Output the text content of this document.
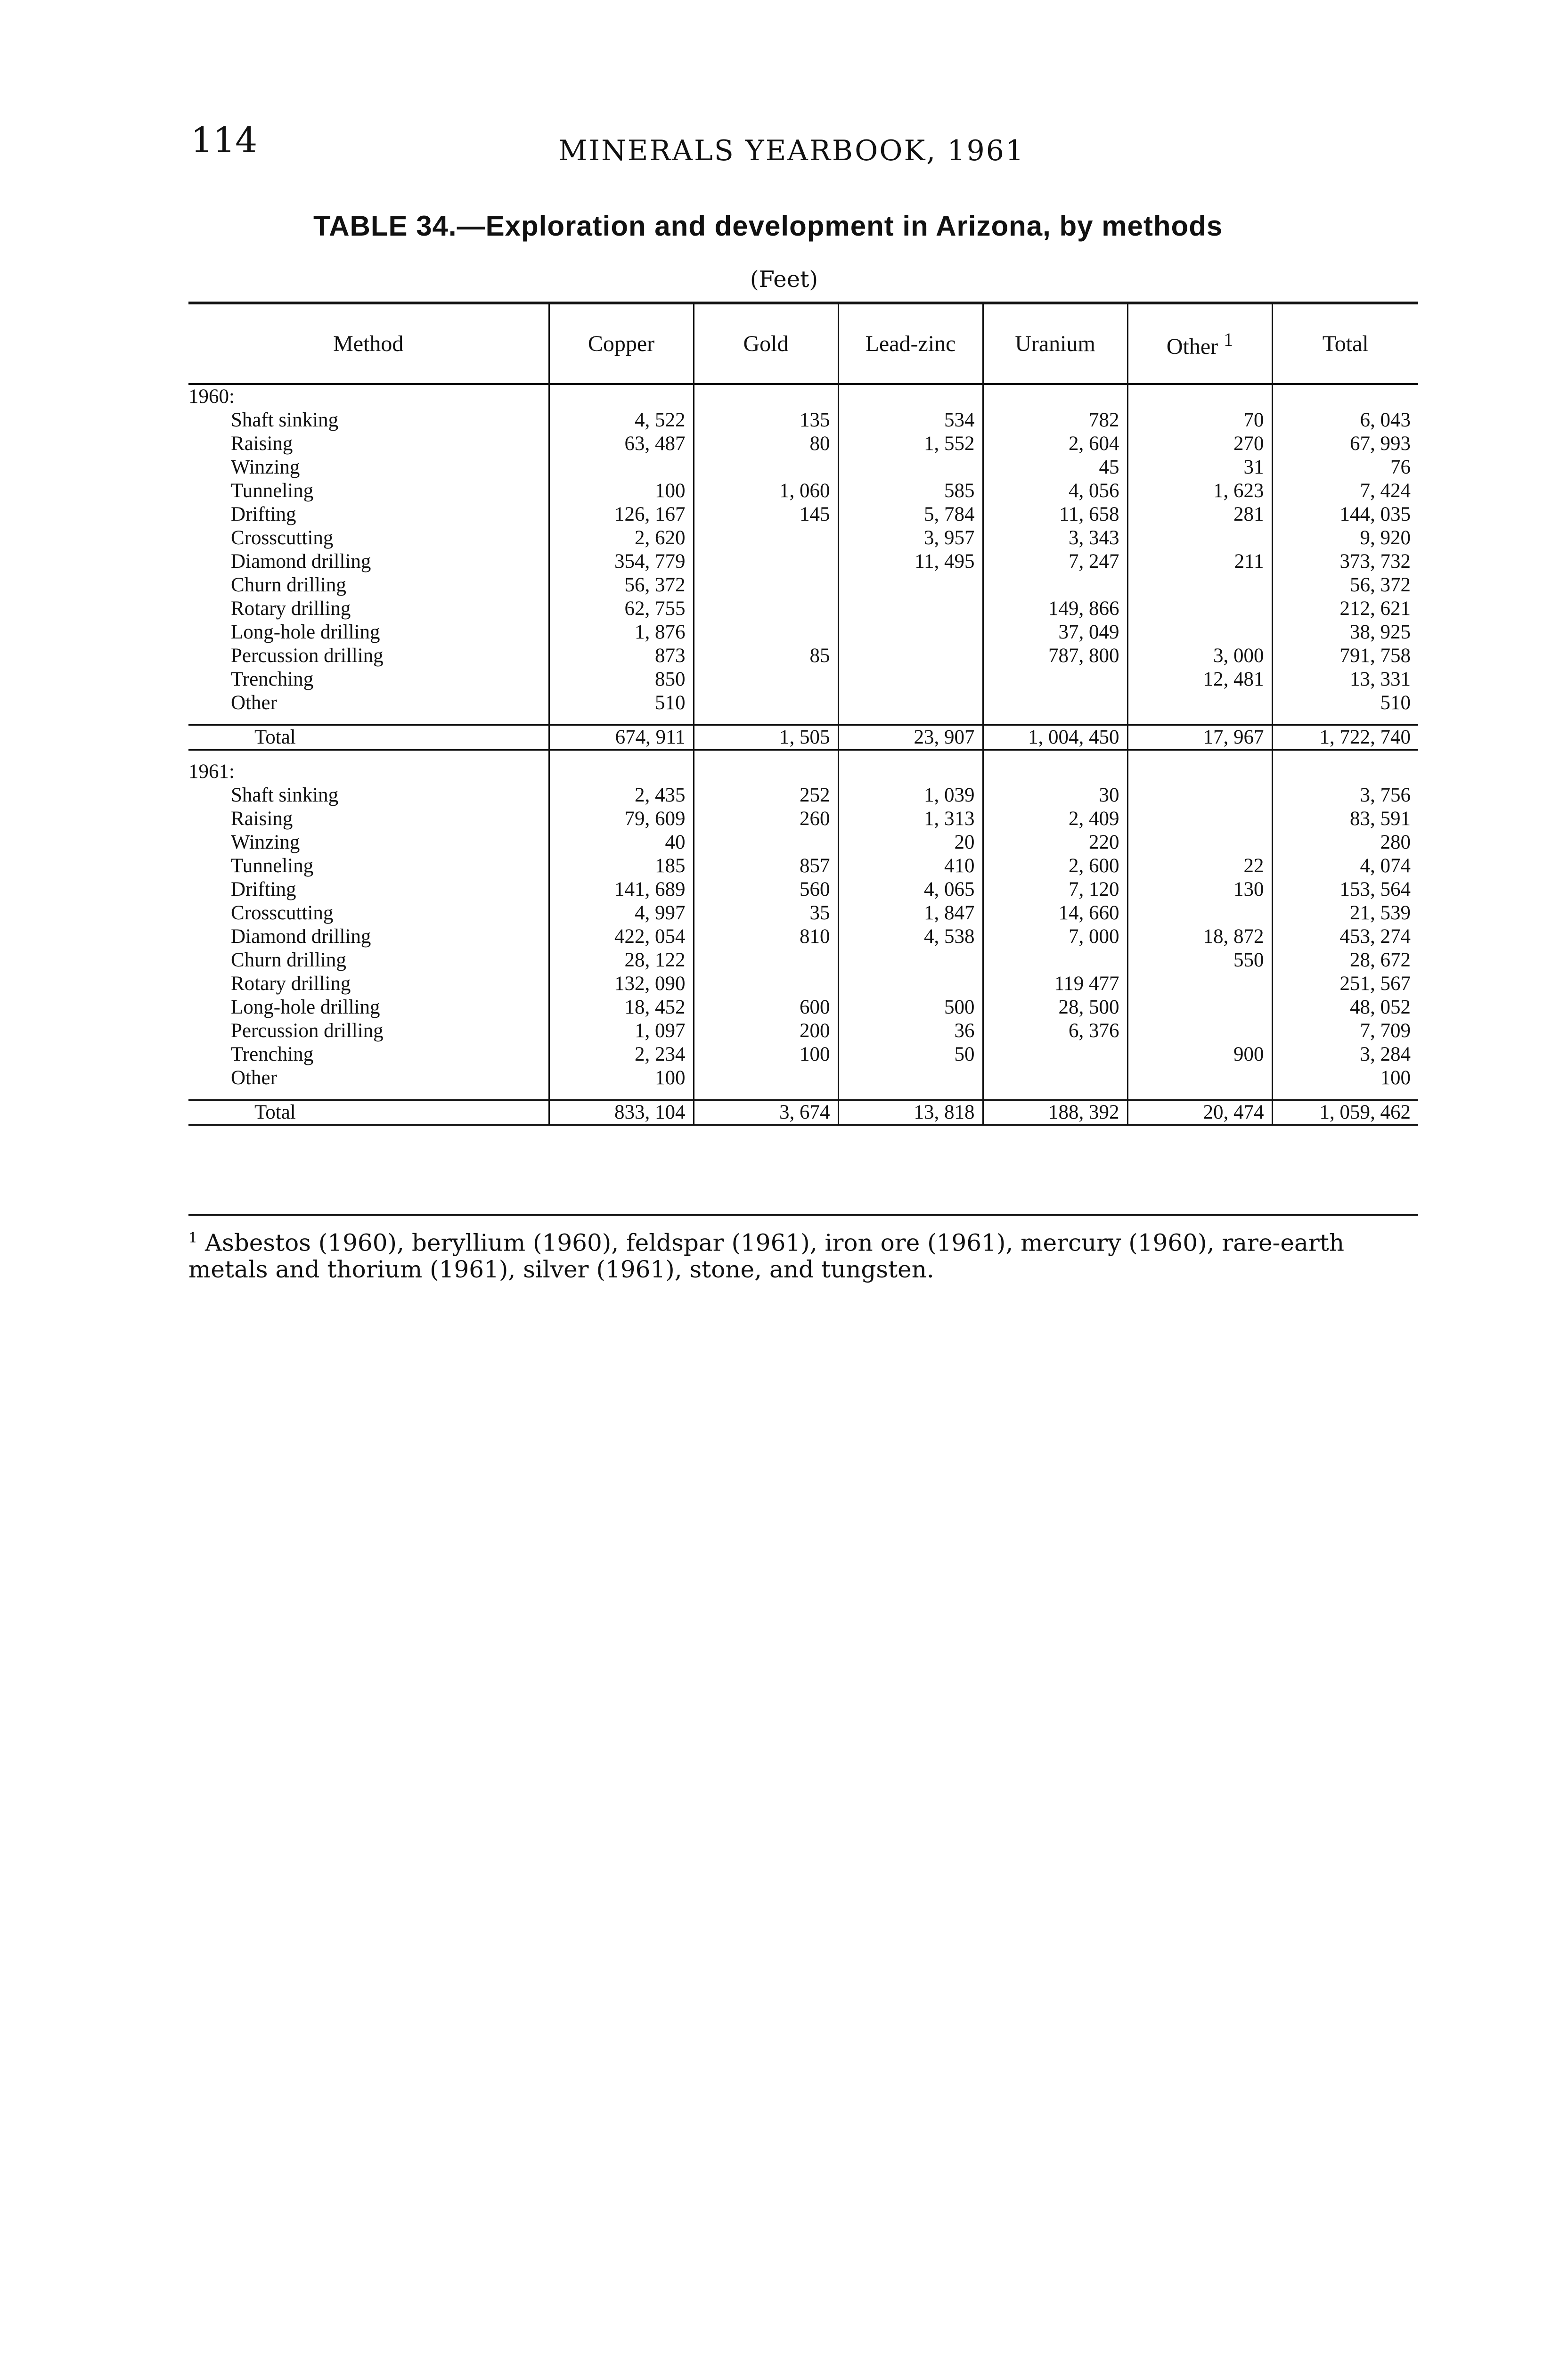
114	MINERALS YEARBOOK, 1961
TABLE 34.—Exploration and development in Arizona, by methods
(Feet)
Method	Copper	Gold	Lead-zinc	Uranium	Other $^1$	Total
1960:						
Shaft sinking	4, 522	135	534	782	70	6, 043
Raising	63, 487	80	1, 552	2, 604	270	67, 993
Winzing				45	31	76
Tunneling	100	1, 060	585	4, 056	1, 623	7, 424
Drifting	126, 167	145	5, 784	11, 658	281	144, 035
Crosscutting	2, 620		3, 957	3, 343		9, 920
Diamond drilling	354, 779		11, 495	7, 247	211	373, 732
Churn drilling	56, 372					56, 372
Rotary drilling	62, 755			149, 866		212, 621
Long-hole drilling	1, 876			37, 049		38, 925
Percussion drilling	873	85		787, 800	3, 000	791, 758
Trenching	850				12, 481	13, 331
Other	510					510

Total	674, 911	1, 505	23, 907	1, 004, 450	17, 967	1, 722, 740

1961:						
Shaft sinking	2, 435	252	1, 039	30		3, 756
Raising	79, 609	260	1, 313	2, 409		83, 591
Winzing	40		20	220		280
Tunneling	185	857	410	2, 600	22	4, 074
Drifting	141, 689	560	4, 065	7, 120	130	153, 564
Crosscutting	4, 997	35	1, 847	14, 660		21, 539
Diamond drilling	422, 054	810	4, 538	7, 000	18, 872	453, 274
Churn drilling	28, 122				550	28, 672
Rotary drilling	132, 090			119 477		251, 567
Long-hole drilling	18, 452	600	500	28, 500		48, 052
Percussion drilling	1, 097	200	36	6, 376		7, 709
Trenching	2, 234	100	50		900	3, 284
Other	100					100

Total	833, 104	3, 674	13, 818	188, 392	20, 474	1, 059, 462
$^1$ Asbestos (1960), beryllium (1960), feldspar (1961), iron ore (1961), mercury (1960), rare-earth metals and thorium (1961), silver (1961), stone, and tungsten.
